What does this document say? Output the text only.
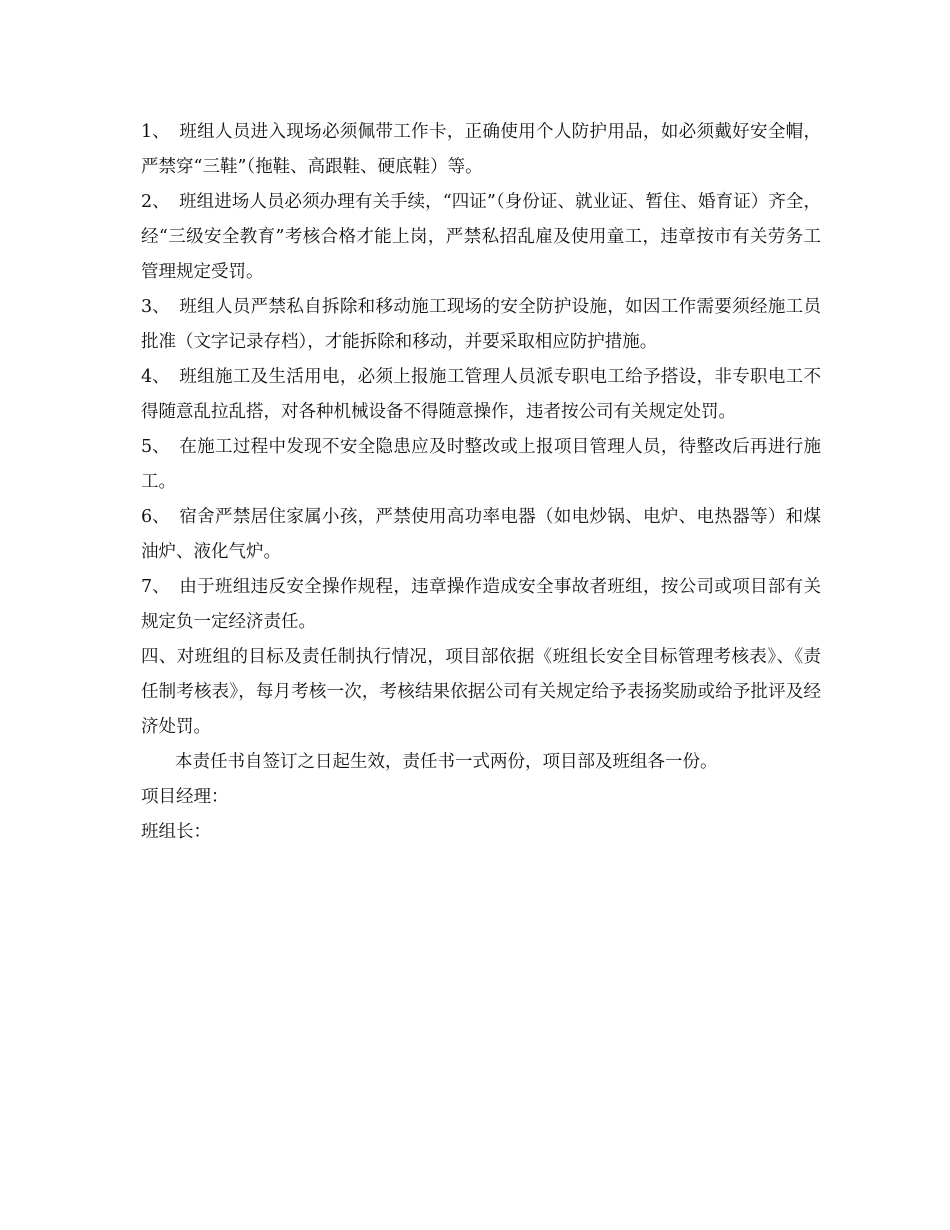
1、 班组人员进入现场必须佩带工作卡，正确使用个人防护用品，如必须戴好安全帽，严禁穿“三鞋”（拖鞋、高跟鞋、硬底鞋）等。

2、 班组进场人员必须办理有关手续，“四证”（身份证、就业证、暂住、婚育证）齐全，经“三级安全教育”考核合格才能上岗，严禁私招乱雇及使用童工，违章按市有关劳务工管理规定受罚。

3、 班组人员严禁私自拆除和移动施工现场的安全防护设施，如因工作需要须经施工员批准（文字记录存档），才能拆除和移动，并要采取相应防护措施。

4、 班组施工及生活用电，必须上报施工管理人员派专职电工给予搭设，非专职电工不得随意乱拉乱搭，对各种机械设备不得随意操作，违者按公司有关规定处罚。

5、 在施工过程中发现不安全隐患应及时整改或上报项目管理人员，待整改后再进行施工。

6、 宿舍严禁居住家属小孩，严禁使用高功率电器（如电炒锅、电炉、电热器等）和煤油炉、液化气炉。

7、 由于班组违反安全操作规程，违章操作造成安全事故者班组，按公司或项目部有关规定负一定经济责任。

四、对班组的目标及责任制执行情况，项目部依据《班组长安全目标管理考核表》、《责任制考核表》，每月考核一次，考核结果依据公司有关规定给予表扬奖励或给予批评及经济处罚。

本责任书自签订之日起生效，责任书一式两份，项目部及班组各一份。

项目经理：

班组长：
